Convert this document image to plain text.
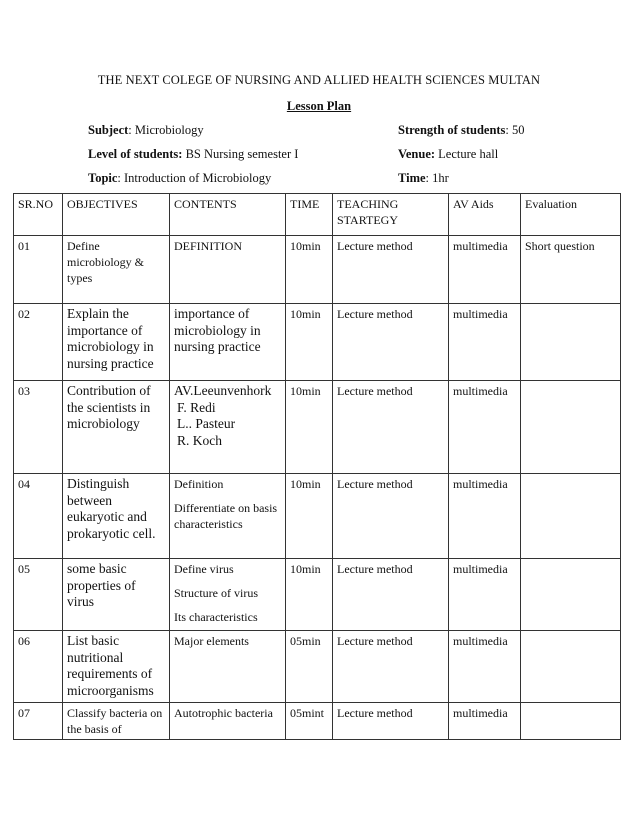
THE NEXT COLEGE OF NURSING AND ALLIED HEALTH SCIENCES MULTAN
Lesson Plan
Subject: Microbiology	Strength of students: 50
Level of students: BS Nursing semester I	Venue: Lecture hall
Topic: Introduction of Microbiology	Time: 1hr
SR.NO	OBJECTIVES	CONTENTS	TIME	TEACHING STARTEGY	AV Aids	Evaluation
01	Define microbiology & types	DEFINITION	10min	Lecture method	multimedia	Short question
02	Explain the importance of microbiology in nursing practice	importance of microbiology in nursing practice	10min	Lecture method	multimedia	
03	Contribution of the scientists in microbiology	AV.Leeunvenhork
F. Redi
L.. Pasteur
R. Koch	10min	Lecture method	multimedia	
04	Distinguish between eukaryotic and prokaryotic cell.	Definition
Differentiate on basis characteristics	10min	Lecture method	multimedia	
05	some basic properties of virus	Define virus
Structure of virus
Its characteristics	10min	Lecture method	multimedia	
06	List basic nutritional requirements of microorganisms	Major elements	05min	Lecture method	multimedia	
07	Classify bacteria on the basis of	Autotrophic bacteria	05mint	Lecture method	multimedia	
